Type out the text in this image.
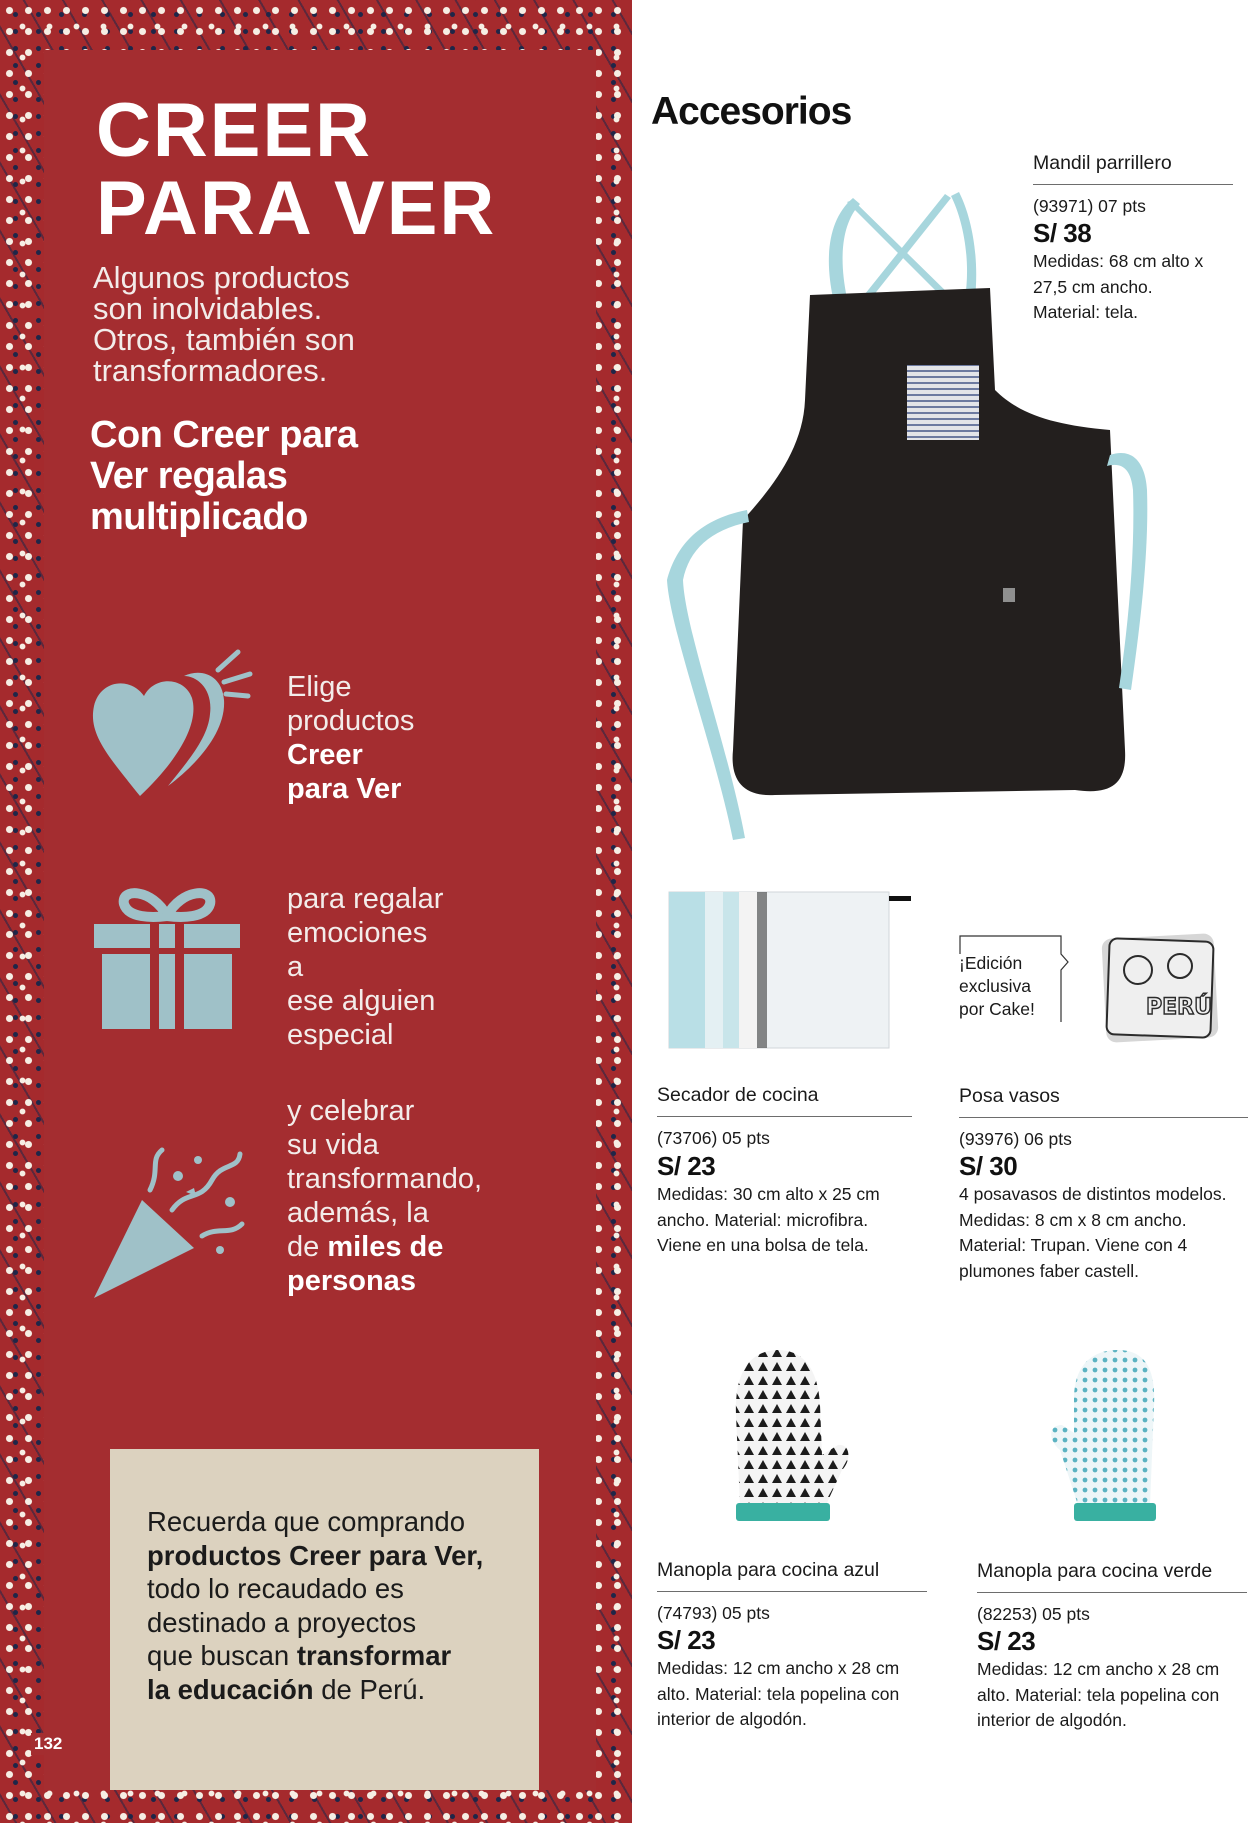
CREER
PARA VER
Algunos productos
son inolvidables.
Otros, también son
transformadores.
Con Creer para
Ver regalas
multiplicado
Elige
productos
Creer
para Ver
para regalar
emociones
a
ese alguien
especial
y celebrar
su vida
transformando,
además, la
de miles de
personas
Recuerda que comprando
productos Creer para Ver,
todo lo recaudado es
destinado a proyectos
que buscan transformar
la educación de Perú.
132
Accesorios
Mandil parrillero
(93971) 07 pts
S/ 38
Medidas: 68 cm alto x
27,5 cm ancho.
Material: tela.
Secador de cocina
(73706) 05 pts
S/ 23
Medidas: 30 cm alto x 25 cm
ancho. Material: microfibra.
Viene en una bolsa de tela.
¡Edición
exclusiva
por Cake!	PERÚ
Posa vasos
(93976) 06 pts
S/ 30
4 posavasos de distintos modelos.
Medidas: 8 cm x 8 cm ancho.
Material: Trupan. Viene con 4
plumones faber castell.
Manopla para cocina azul
(74793) 05 pts
S/ 23
Medidas: 12 cm ancho x 28 cm
alto. Material: tela popelina con
interior de algodón.
Manopla para cocina verde
(82253) 05 pts
S/ 23
Medidas: 12 cm ancho x 28 cm
alto. Material: tela popelina con
interior de algodón.
